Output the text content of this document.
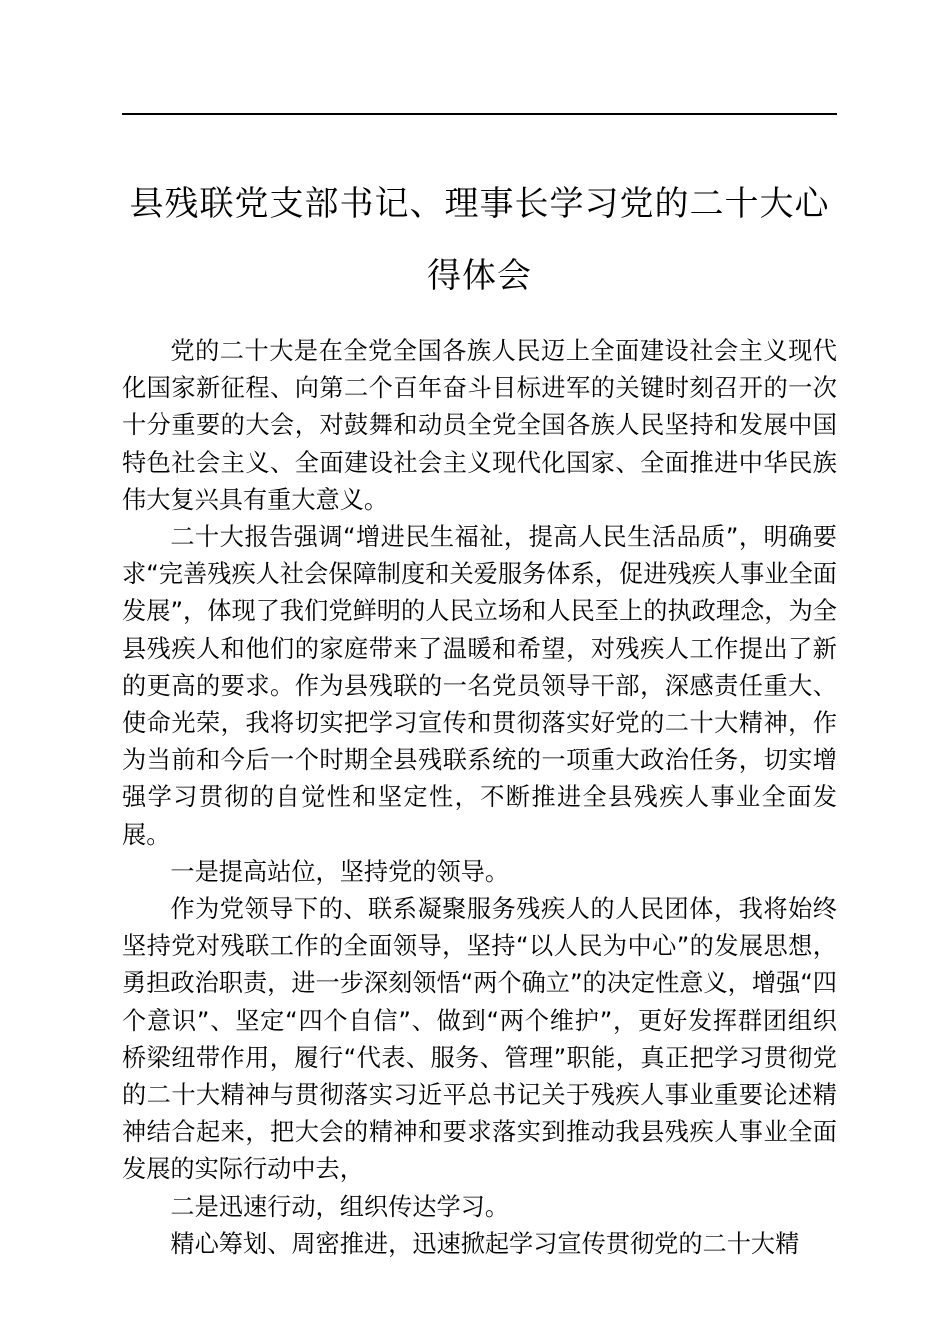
县残联党支部书记、理事长学习党的二十大心得体会

党的二十大是在全党全国各族人民迈上全面建设社会主义现代化国家新征程、向第二个百年奋斗目标进军的关键时刻召开的一次十分重要的大会，对鼓舞和动员全党全国各族人民坚持和发展中国特色社会主义、全面建设社会主义现代化国家、全面推进中华民族伟大复兴具有重大意义。

二十大报告强调“增进民生福祉，提高人民生活品质”，明确要求“完善残疾人社会保障制度和关爱服务体系，促进残疾人事业全面发展”，体现了我们党鲜明的人民立场和人民至上的执政理念，为全县残疾人和他们的家庭带来了温暖和希望，对残疾人工作提出了新的更高的要求。作为县残联的一名党员领导干部，深感责任重大、使命光荣，我将切实把学习宣传和贯彻落实好党的二十大精神，作为当前和今后一个时期全县残联系统的一项重大政治任务，切实增强学习贯彻的自觉性和坚定性，不断推进全县残疾人事业全面发展。

一是提高站位，坚持党的领导。

作为党领导下的、联系凝聚服务残疾人的人民团体，我将始终坚持党对残联工作的全面领导，坚持“以人民为中心”的发展思想，勇担政治职责，进一步深刻领悟“两个确立”的决定性意义，增强“四个意识”、坚定“四个自信”、做到“两个维护”，更好发挥群团组织桥梁纽带作用，履行“代表、服务、管理”职能，真正把学习贯彻党的二十大精神与贯彻落实习近平总书记关于残疾人事业重要论述精神结合起来，把大会的精神和要求落实到推动我县残疾人事业全面发展的实际行动中去，

二是迅速行动，组织传达学习。

精心筹划、周密推进，迅速掀起学习宣传贯彻党的二十大精
